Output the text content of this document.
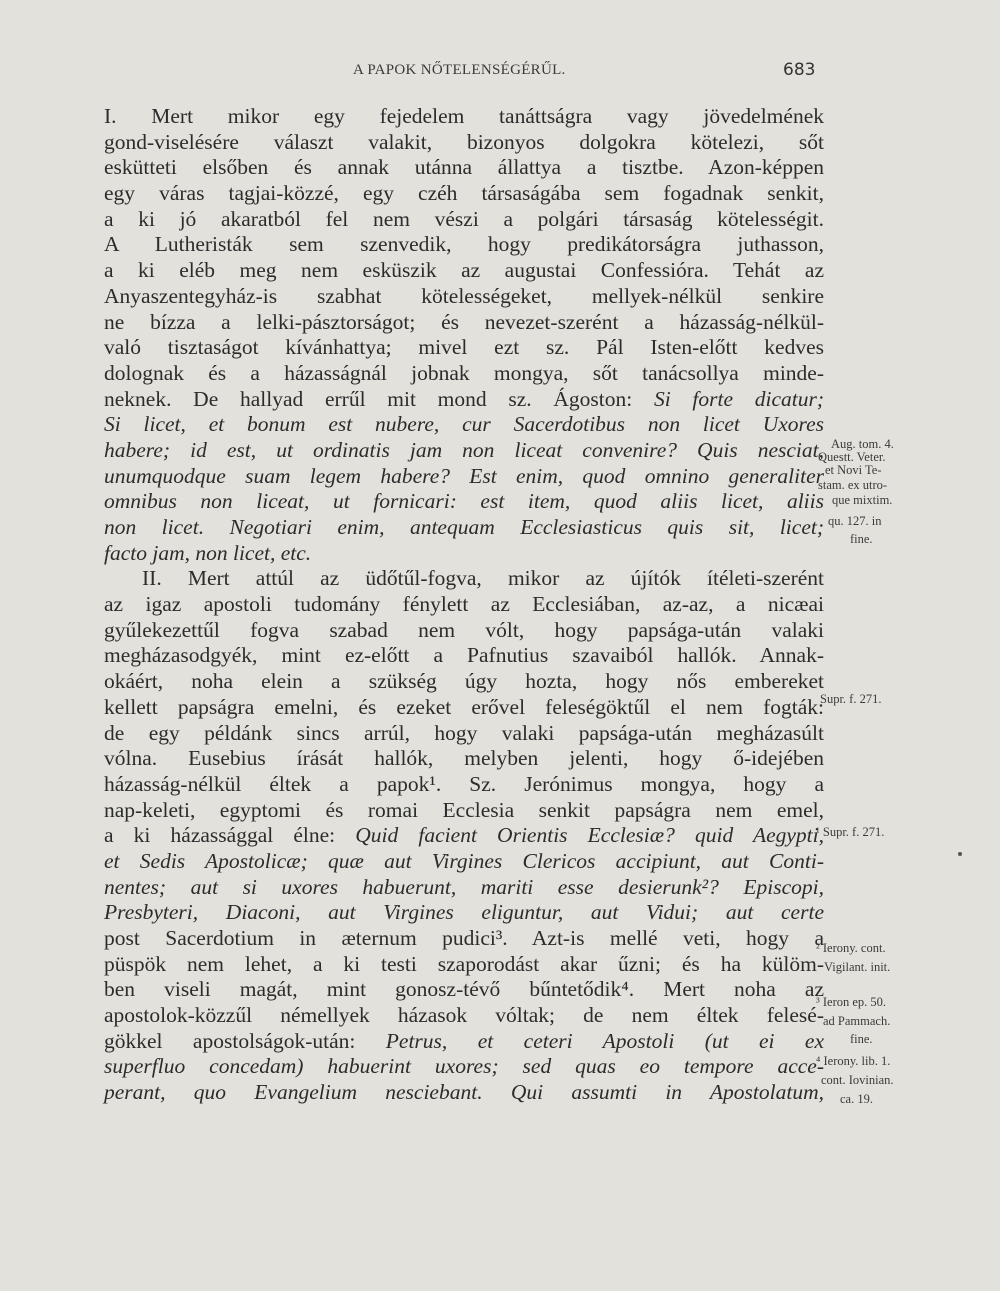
A PAPOK NŐTELENSÉGÉRŰL.	683
I. Mert mikor egy fejedelem tanáttságra vagy jövedelmének
gond-viselésére választ valakit, bizonyos dolgokra kötelezi, sőt
eskütteti elsőben és annak utánna állattya a tisztbe. Azon-képpen
egy váras tagjai-közzé, egy czéh társaságába sem fogadnak senkit,
a ki jó akaratból fel nem vészi a polgári társaság kötelességit.
A Lutheristák sem szenvedik, hogy predikátorságra juthasson,
a ki eléb meg nem esküszik az augustai Confessióra. Tehát az
Anyaszentegyház-is szabhat kötelességeket, mellyek-nélkül senkire
ne bízza a lelki-pásztorságot; és nevezet-szerént a házasság-nélkül-
való tisztaságot kívánhattya; mivel ezt sz. Pál Isten-előtt kedves
dolognak és a házasságnál jobnak mongya, sőt tanácsollya minde-
neknek. De hallyad errűl mit mond sz. Ágoston: Si forte dicatur;
Si licet, et bonum est nubere, cur Sacerdotibus non licet Uxores
habere; id est, ut ordinatis jam non liceat convenire? Quis nesciat,
unumquodque suam legem habere? Est enim, quod omnino generaliter
omnibus non liceat, ut fornicari: est item, quod aliis licet, aliis
non licet. Negotiari enim, antequam Ecclesiasticus quis sit, licet;
facto jam, non licet, etc.
II. Mert attúl az üdőtűl-fogva, mikor az újítók ítéleti-szerént
az igaz apostoli tudomány fénylett az Ecclesiában, az-az, a nicæai
gyűlekezettűl fogva szabad nem vólt, hogy papsága-után valaki
megházasodgyék, mint ez-előtt a Pafnutius szavaiból hallók. Annak-
okáért, noha elein a szükség úgy hozta, hogy nős embereket
kellett papságra emelni, és ezeket erővel feleségöktűl el nem fogták:
de egy példánk sincs arrúl, hogy valaki papsága-után megházasúlt
vólna. Eusebius írását hallók, melyben jelenti, hogy ő-idejében
házasság-nélkül éltek a papok¹. Sz. Jerónimus mongya, hogy a
nap-keleti, egyptomi és romai Ecclesia senkit papságra nem emel,
a ki házassággal élne: Quid facient Orientis Ecclesiæ? quid Aegypti,
et Sedis Apostolicæ; quæ aut Virgines Clericos accipiunt, aut Conti-
nentes; aut si uxores habuerunt, mariti esse desierunk²? Episcopi,
Presbyteri, Diaconi, aut Virgines eliguntur, aut Vidui; aut certe
post Sacerdotium in æternum pudici³. Azt-is mellé veti, hogy a
püspök nem lehet, a ki testi szaporodást akar űzni; és ha külöm-
ben viseli magát, mint gonosz-tévő bűntetődik⁴. Mert noha az
apostolok-közzűl némellyek házasok vóltak; de nem éltek felesé-
gökkel apostolságok-után: Petrus, et ceteri Apostoli (ut ei ex
superfluo concedam) habuerint uxores; sed quas eo tempore acce-
perant, quo Evangelium nesciebant. Qui assumti in Apostolatum,
Aug. tom. 4.
Questt. Veter.
et Novi Te-
stam. ex utro-
que mixtim.
qu. 127. in
fine.
Supr. f. 271.
¹ Supr. f. 271.
² Ierony. cont.
Vigilant. init.
³ Ieron ep. 50.
ad Pammach.
fine.
⁴ Ierony. lib. 1.
cont. Iovinian.
ca. 19.
